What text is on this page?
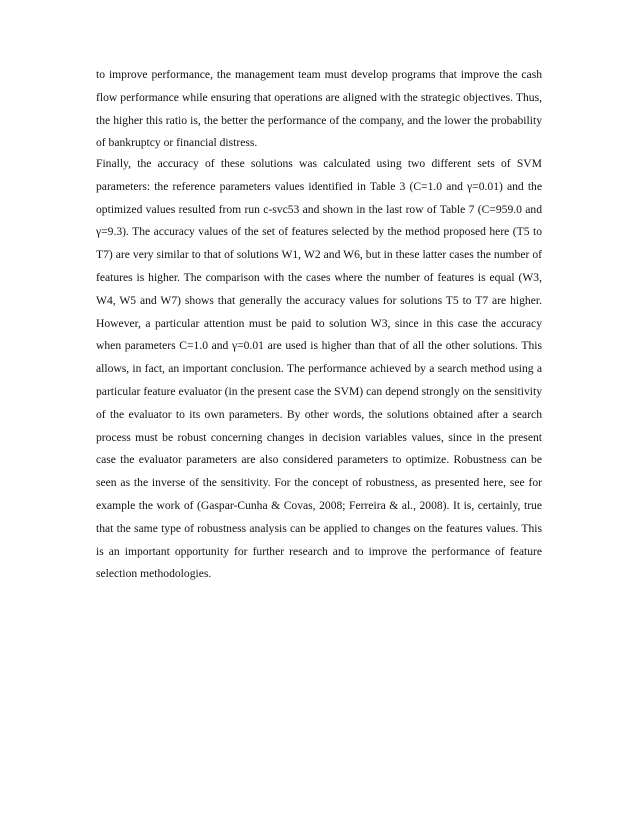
to improve performance, the management team must develop programs that improve the cash flow performance while ensuring that operations are aligned with the strategic objectives. Thus, the higher this ratio is, the better the performance of the company, and the lower the probability of bankruptcy or financial distress.

Finally, the accuracy of these solutions was calculated using two different sets of SVM parameters: the reference parameters values identified in Table 3 (C=1.0 and γ=0.01) and the optimized values resulted from run c-svc53 and shown in the last row of Table 7 (C=959.0 and γ=9.3). The accuracy values of the set of features selected by the method proposed here (T5 to T7) are very similar to that of solutions W1, W2 and W6, but in these latter cases the number of features is higher. The comparison with the cases where the number of features is equal (W3, W4, W5 and W7) shows that generally the accuracy values for solutions T5 to T7 are higher. However, a particular attention must be paid to solution W3, since in this case the accuracy when parameters C=1.0 and γ=0.01 are used is higher than that of all the other solutions. This allows, in fact, an important conclusion. The performance achieved by a search method using a particular feature evaluator (in the present case the SVM) can depend strongly on the sensitivity of the evaluator to its own parameters. By other words, the solutions obtained after a search process must be robust concerning changes in decision variables values, since in the present case the evaluator parameters are also considered parameters to optimize. Robustness can be seen as the inverse of the sensitivity. For the concept of robustness, as presented here, see for example the work of (Gaspar-Cunha & Covas, 2008; Ferreira & al., 2008). It is, certainly, true that the same type of robustness analysis can be applied to changes on the features values. This is an important opportunity for further research and to improve the performance of feature selection methodologies.
